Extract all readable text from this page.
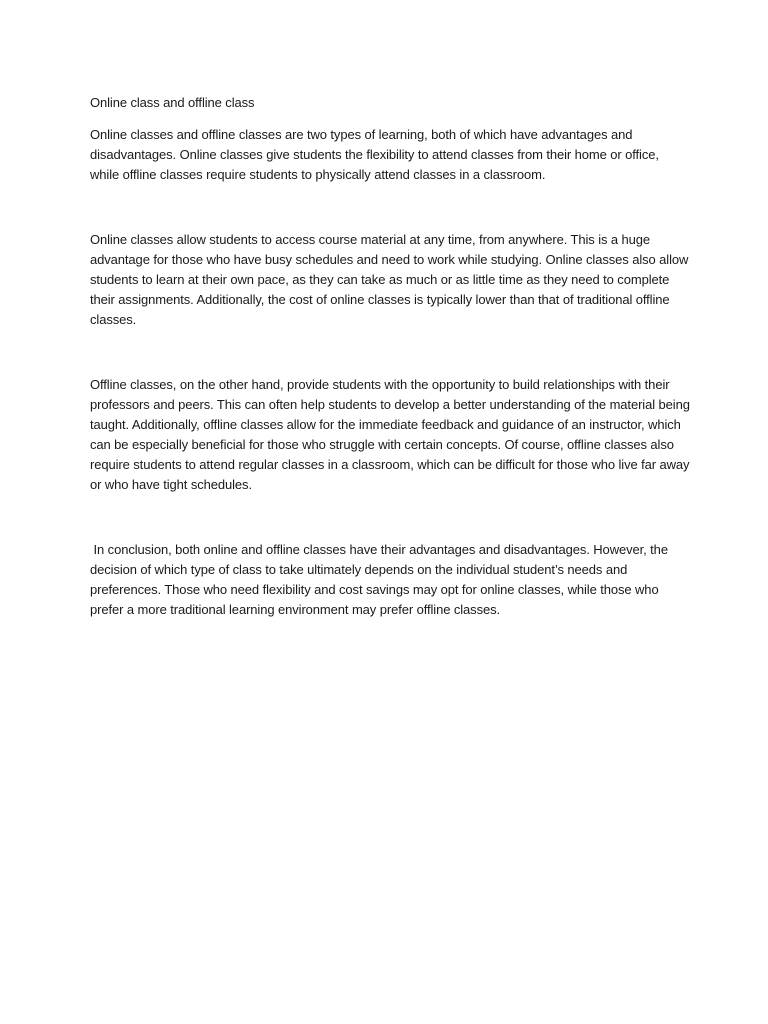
Online class and offline class

Online classes and offline classes are two types of learning, both of which have advantages and disadvantages. Online classes give students the flexibility to attend classes from their home or office, while offline classes require students to physically attend classes in a classroom.

Online classes allow students to access course material at any time, from anywhere. This is a huge advantage for those who have busy schedules and need to work while studying. Online classes also allow students to learn at their own pace, as they can take as much or as little time as they need to complete their assignments. Additionally, the cost of online classes is typically lower than that of traditional offline classes.

Offline classes, on the other hand, provide students with the opportunity to build relationships with their professors and peers. This can often help students to develop a better understanding of the material being taught. Additionally, offline classes allow for the immediate feedback and guidance of an instructor, which can be especially beneficial for those who struggle with certain concepts. Of course, offline classes also require students to attend regular classes in a classroom, which can be difficult for those who live far away or who have tight schedules.

In conclusion, both online and offline classes have their advantages and disadvantages. However, the decision of which type of class to take ultimately depends on the individual student’s needs and preferences. Those who need flexibility and cost savings may opt for online classes, while those who prefer a more traditional learning environment may prefer offline classes.
